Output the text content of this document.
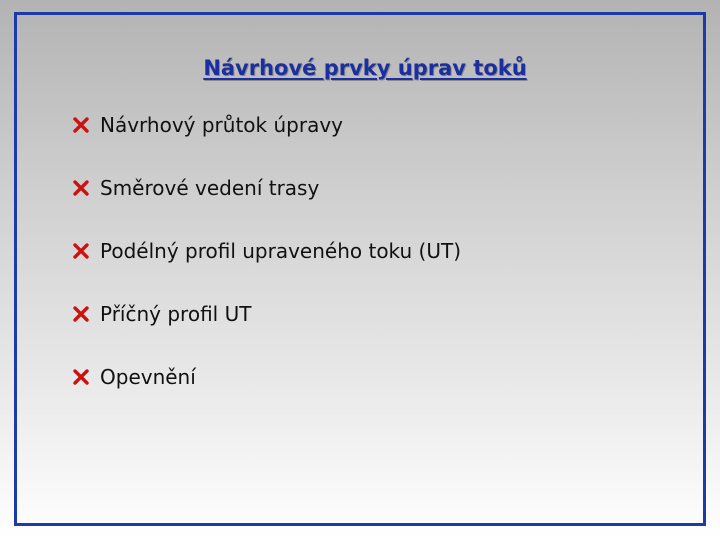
Návrhové prvky úprav toků
Návrhový průtok úpravy
Směrové vedení trasy
Podélný profil upraveného toku (UT)
Příčný profil UT
Opevnění
